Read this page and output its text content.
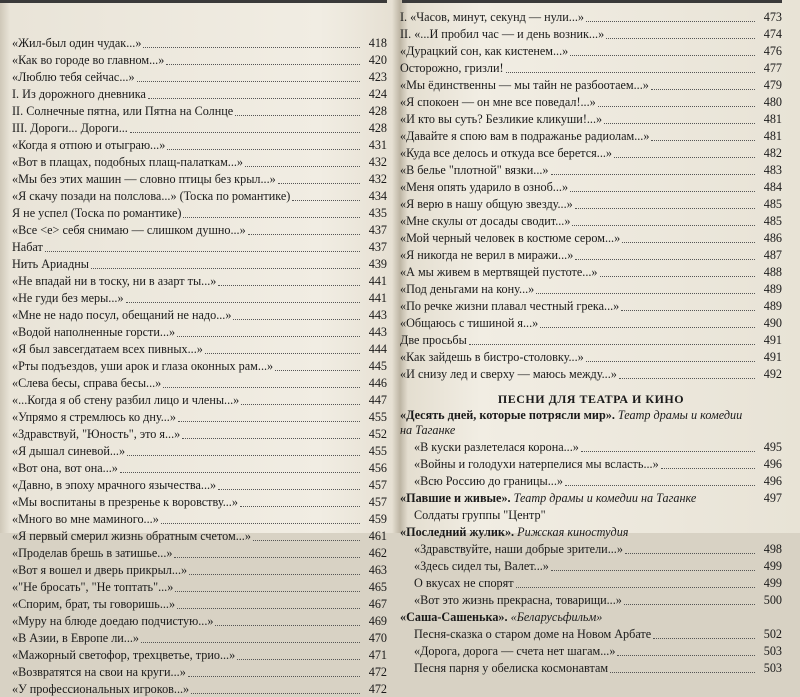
«Жил-был один чудак...»	418
«Как во городе во главном...»	420
«Люблю тебя сейчас...»	423
I. Из дорожного дневника	424
II. Солнечные пятна, или Пятна на Солнце	428
III. Дороги... Дороги...	428
«Когда я отпою и отыграю...»	431
«Вот в плащах, подобных плащ-палаткам...»	432
«Мы без этих машин — словно птицы без крыл...»	432
«Я скачу позади на полслова...» (Тоска по романтике)	434
Я не успел (Тоска по романтике)	435
«Все <е> себя снимаю — слишком душно...»	437
Набат	437
Нить Ариадны	439
«Не впадай ни в тоску, ни в азарт ты...»	441
«Не гуди без меры...»	441
«Мне не надо посул, обещаний не надо...»	443
«Водой наполненные горсти...»	443
«Я был завсегдатаем всех пивных...»	444
«Рты подъездов, уши арок и глаза оконных рам...»	445
«Слева бесы, справа бесы...»	446
«...Когда я об стену разбил лицо и члены...»	447
«Упрямо я стремлюсь ко дну...»	455
«Здравствуй, "Юность", это я...»	452
«Я дышал синевой...»	455
«Вот она, вот она...»	456
«Давно, в эпоху мрачного язычества...»	457
«Мы воспитаны в презренье к воровству...»	457
«Много во мне маминого...»	459
«Я первый смерил жизнь обратным счетом...»	461
«Проделав брешь в затишье...»	462
«Вот я вошел и дверь прикрыл...»	463
«"Не бросать", "Не топтать"...»	465
«Спорим, брат, ты говоришь...»	467
«Муру на блюде доедаю подчистую...»	469
«В Азии, в Европе ли...»	470
«Мажорный светофор, трехцветье, трио...»	471
«Возвратятся на свои на круги...»	472
«У профессиональных игроков...»	472
I. «Часов, минут, секунд — нули...»	473
II. «...И пробил час — и день возник...»	474
«Дурацкий сон, как кистенем...»	476
Осторожно, гризли!	477
«Мы ёдинственны — мы тайн не разбоотаем...»	479
«Я спокоен — он мне все поведал!...»	480
«И кто вы суть? Безликие кликуши!...»	481
«Давайте я спою вам в подражанье радиолам...»	481
«Куда все делось и откуда все берется...»	482
«В белье "плотной" вязки...»	483
«Меня опять ударило в озноб...»	484
«Я верю в нашу общую звезду...»	485
«Мне скулы от досады сводит...»	485
«Мой черный человек в костюме сером...»	486
«Я никогда не верил в миражи...»	487
«А мы живем в мертвящей пустоте...»	488
«Под деньгами на кону...»	489
«По речке жизни плавал честный грека...»	489
«Общаюсь с тишиной я...»	490
Две просьбы	491
«Как зайдешь в бистро-столовку...»	491
«И снизу лед и сверху — маюсь между...»	492
ПЕСНИ ДЛЯ ТЕАТРА И КИНО
«Десять дней, которые потрясли мир». Театр драмы и комедии на Таганке
«В куски разлетелася корона...»	495
«Войны и голодухи натерпелися мы всласть...»	496
«Всю Россию до границы...»	496
«Павшие и живые». Театр драмы и комедии на Таганке	497
Солдаты группы "Центр"
«Последний жулик». Рижская киностудия
«Здравствуйте, наши добрые зрители...»	498
«Здесь сидел ты, Валет...»	499
О вкусах не спорят	499
«Вот это жизнь прекрасна, товарищи...»	500
«Саша-Сашенька». «Беларусьфильм»
Песня-сказка о старом доме на Новом Арбате	502
«Дорога, дорога — счета нет шагам...»	503
Песня парня у обелиска космонавтам	503
